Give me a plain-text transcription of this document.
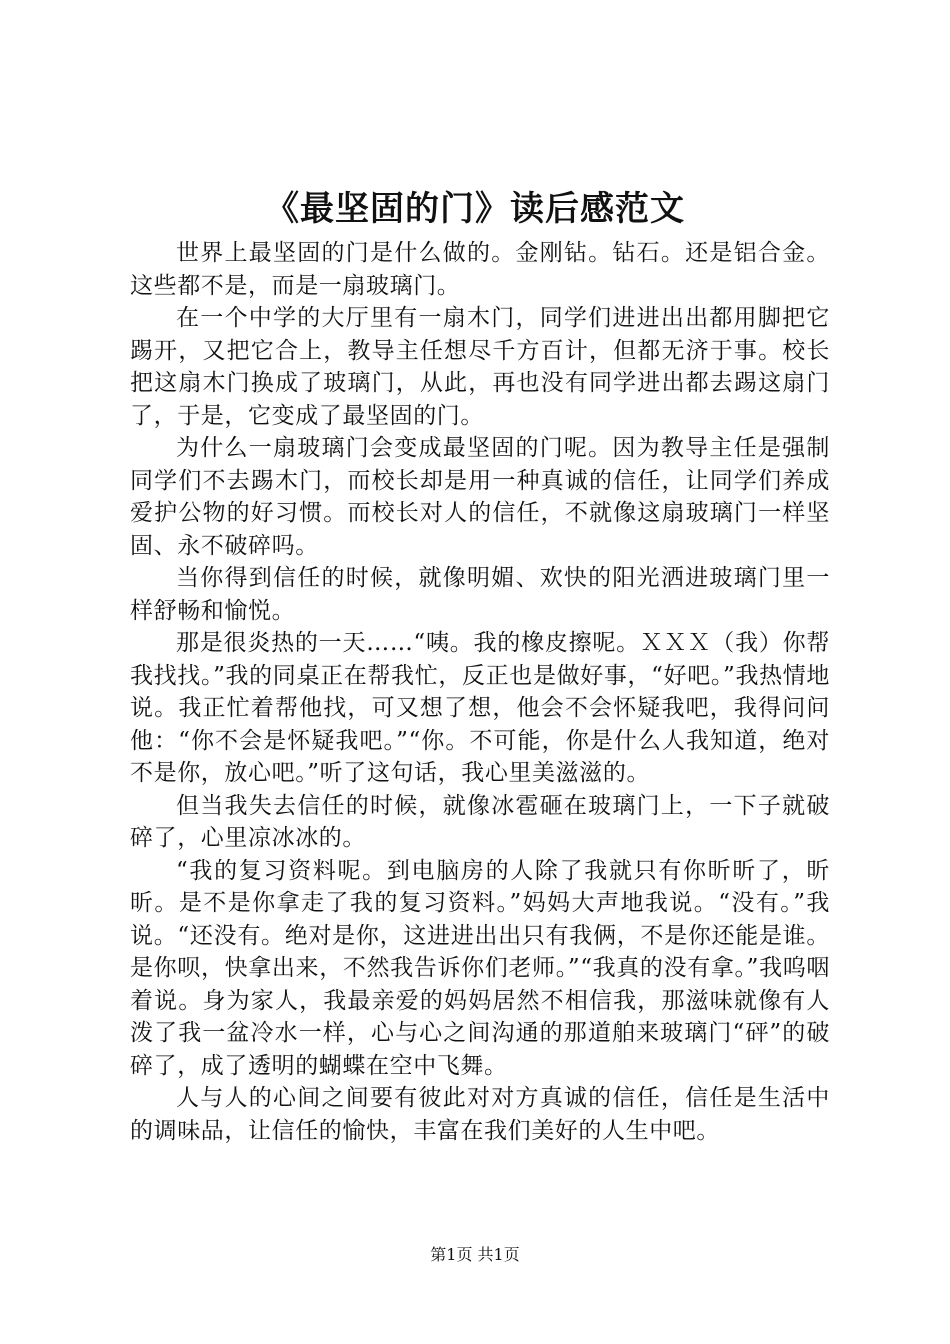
《最坚固的门》读后感范文

世界上最坚固的门是什么做的。金刚钻。钻石。还是铝合金。这些都不是，而是一扇玻璃门。

在一个中学的大厅里有一扇木门，同学们进进出出都用脚把它踢开，又把它合上，教导主任想尽千方百计，但都无济于事。校长把这扇木门换成了玻璃门，从此，再也没有同学进出都去踢这扇门了，于是，它变成了最坚固的门。

为什么一扇玻璃门会变成最坚固的门呢。因为教导主任是强制同学们不去踢木门，而校长却是用一种真诚的信任，让同学们养成爱护公物的好习惯。而校长对人的信任，不就像这扇玻璃门一样坚固、永不破碎吗。

当你得到信任的时候，就像明媚、欢快的阳光洒进玻璃门里一样舒畅和愉悦。

那是很炎热的一天……“咦。我的橡皮擦呢。ＸＸＸ（我）你帮我找找。”我的同桌正在帮我忙，反正也是做好事，“好吧。”我热情地说。我正忙着帮他找，可又想了想，他会不会怀疑我吧，我得问问他：“你不会是怀疑我吧。”“你。不可能，你是什么人我知道，绝对不是你，放心吧。”听了这句话，我心里美滋滋的。

但当我失去信任的时候，就像冰雹砸在玻璃门上，一下子就破碎了，心里凉冰冰的。

“我的复习资料呢。到电脑房的人除了我就只有你昕昕了，昕昕。是不是你拿走了我的复习资料。”妈妈大声地我说。“没有。”我说。“还没有。绝对是你，这进进出出只有我俩，不是你还能是谁。是你呗，快拿出来，不然我告诉你们老师。”“我真的没有拿。”我呜咽着说。身为家人，我最亲爱的妈妈居然不相信我，那滋味就像有人泼了我一盆冷水一样，心与心之间沟通的那道舶来玻璃门“砰”的破碎了，成了透明的蝴蝶在空中飞舞。

人与人的心间之间要有彼此对对方真诚的信任，信任是生活中的调味品，让信任的愉快，丰富在我们美好的人生中吧。

第1页 共1页
